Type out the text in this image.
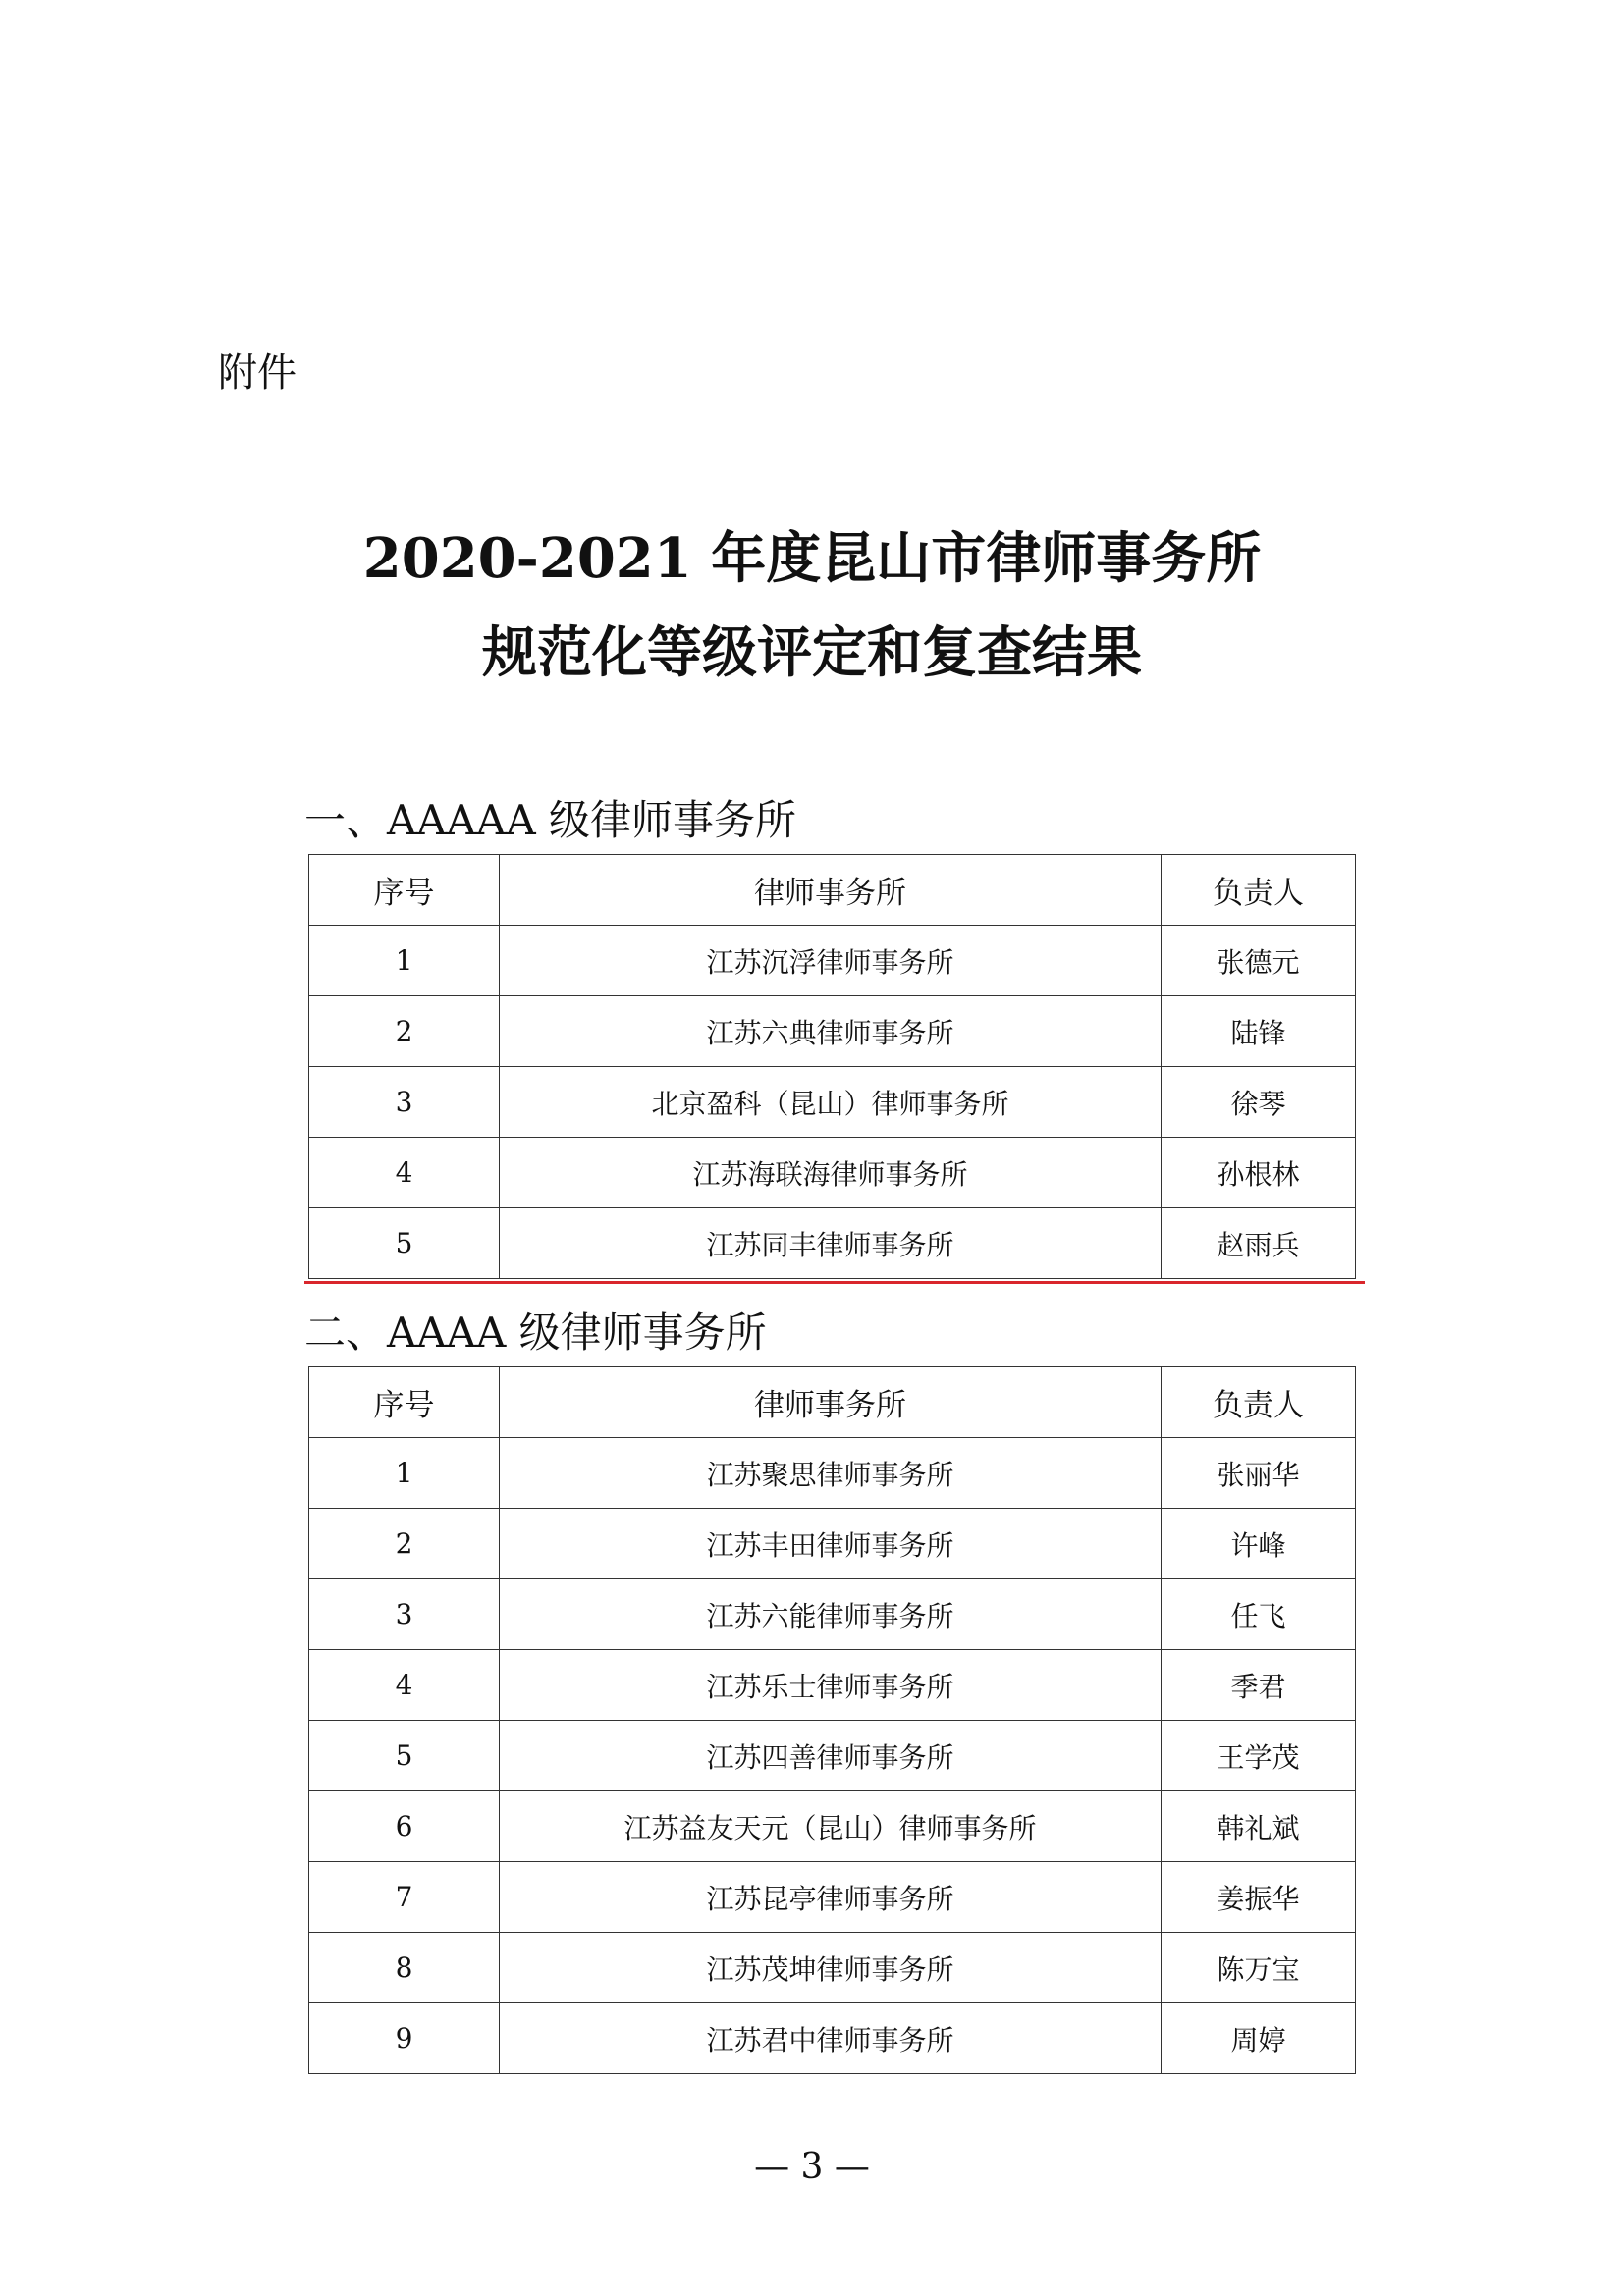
附件
2020-2021 年度昆山市律师事务所
规范化等级评定和复查结果
一、AAAAA 级律师事务所
序号	律师事务所	负责人
1	江苏沉浮律师事务所	张德元
2	江苏六典律师事务所	陆锋
3	北京盈科（昆山）律师事务所	徐琴
4	江苏海联海律师事务所	孙根林
5	江苏同丰律师事务所	赵雨兵
二、AAAA 级律师事务所
序号	律师事务所	负责人
1	江苏聚思律师事务所	张丽华
2	江苏丰田律师事务所	许峰
3	江苏六能律师事务所	任飞
4	江苏乐士律师事务所	季君
5	江苏四善律师事务所	王学茂
6	江苏益友天元（昆山）律师事务所	韩礼斌
7	江苏昆亭律师事务所	姜振华
8	江苏茂坤律师事务所	陈万宝
9	江苏君中律师事务所	周婷
— 3 —
